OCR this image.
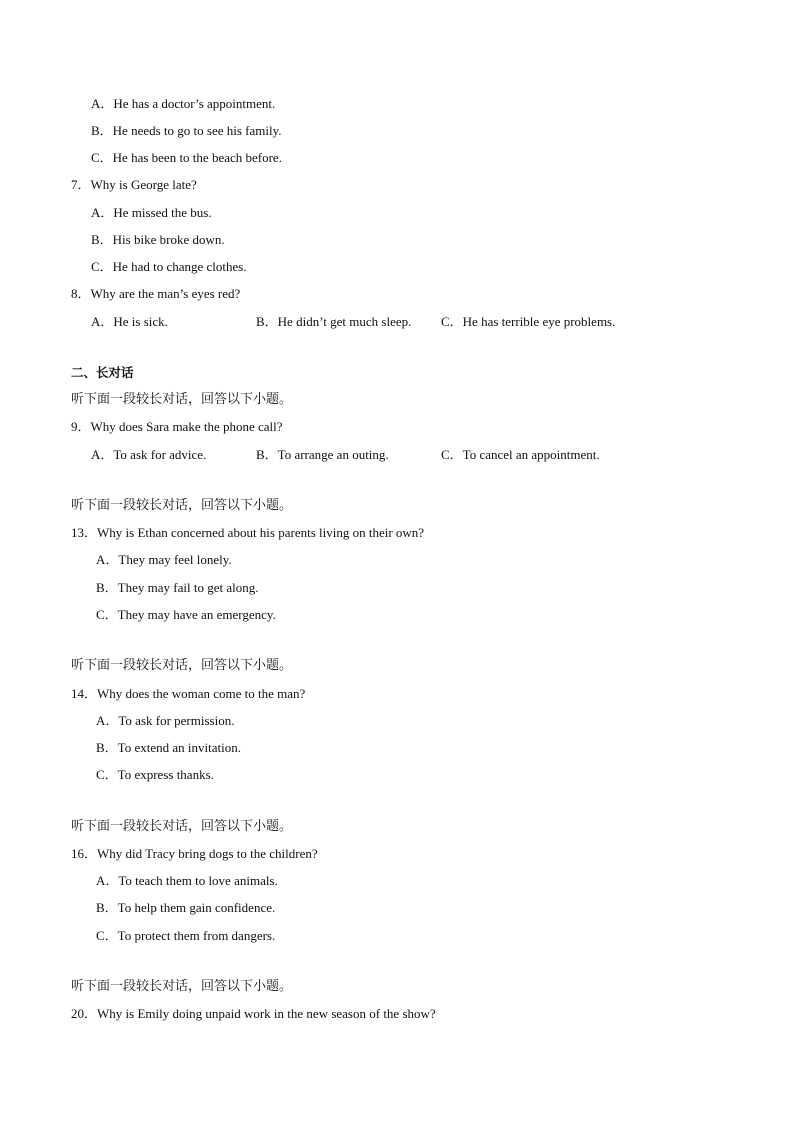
A．He has a doctor’s appointment.
B．He needs to go to see his family.
C．He has been to the beach before.
7．Why is George late?
A．He missed the bus.
B．His bike broke down.
C．He had to change clothes.
8．Why are the man’s eyes red?
A．He is sick.	B．He didn’t get much sleep. C．He has terrible eye problems.
二、长对话
听下面一段较长对话，回答以下小题。
9．Why does Sara make the phone call?
A．To ask for advice.	B．To arrange an outing.	C．To cancel an appointment.
听下面一段较长对话，回答以下小题。
13．Why is Ethan concerned about his parents living on their own?
A．They may feel lonely.
B．They may fail to get along.
C．They may have an emergency.
听下面一段较长对话，回答以下小题。
14．Why does the woman come to the man?
A．To ask for permission.
B．To extend an invitation.
C．To express thanks.
听下面一段较长对话，回答以下小题。
16．Why did Tracy bring dogs to the children?
A．To teach them to love animals.
B．To help them gain confidence.
C．To protect them from dangers.
听下面一段较长对话，回答以下小题。
20．Why is Emily doing unpaid work in the new season of the show?
